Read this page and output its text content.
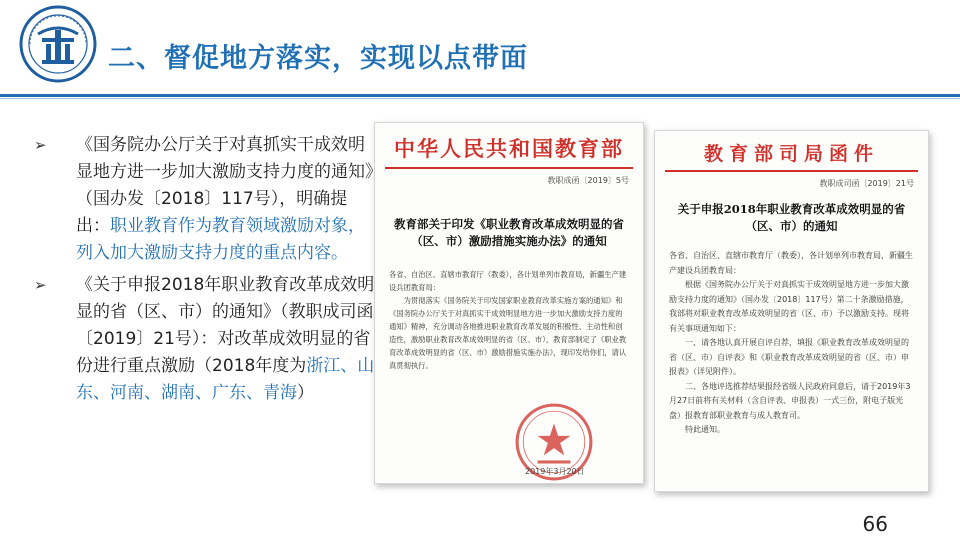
二、督促地方落实，实现以点带面
➢ 《国务院办公厅关于对真抓实干成效明显地方进一步加大激励支持力度的通知》（国办发〔2018〕117号），明确提出：职业教育作为教育领域激励对象，列入加大激励支持力度的重点内容。
➢ 《关于申报2018年职业教育改革成效明显的省（区、市）的通知》（教职成司函〔2019〕21号）：对改革成效明显的省份进行重点激励（2018年度为浙江、山东、河南、湖南、广东、青海）
中华人民共和国教育部
教职成函〔2019〕5号
教育部关于印发《职业教育改革成效明显的省（区、市）激励措施实施办法》的通知

各省、自治区、直辖市教育厅（教委），各计划单列市教育局，新疆生产建设兵团教育局：

为贯彻落实《国务院关于印发国家职业教育改革实施方案的通知》和《国务院办公厅关于对真抓实干成效明显地方进一步加大激励支持力度的通知》精神，充分调动各地推进职业教育改革发展的积极性、主动性和创造性，激励职业教育改革成效明显的省（区、市），教育部制定了《职业教育改革成效明显的省（区、市）激励措施实施办法》，现印发给你们，请认真贯彻执行。

2019年3月20日
教育部司局函件
教职成司函〔2019〕21号
关于申报2018年职业教育改革成效明显的省（区、市）的通知

各省、自治区、直辖市教育厅（教委），各计划单列市教育局，新疆生产建设兵团教育局：

根据《国务院办公厅关于对真抓实干成效明显地方进一步加大激励支持力度的通知》（国办发〔2018〕117号）第二十条激励措施，我部将对职业教育改革成效明显的省（区、市）予以激励支持。现将有关事项通知如下：

一、请各地认真开展自评自荐，填报《职业教育改革成效明显的省（区、市）自评表》和《职业教育改革成效明显的省（区、市）申报表》（详见附件）。

二、各地评选推荐结果报经省级人民政府同意后，请于2019年3月27日前将有关材料（含自评表、申报表）一式三份，附电子版光盘）报教育部职业教育与成人教育司。

特此通知。

66
